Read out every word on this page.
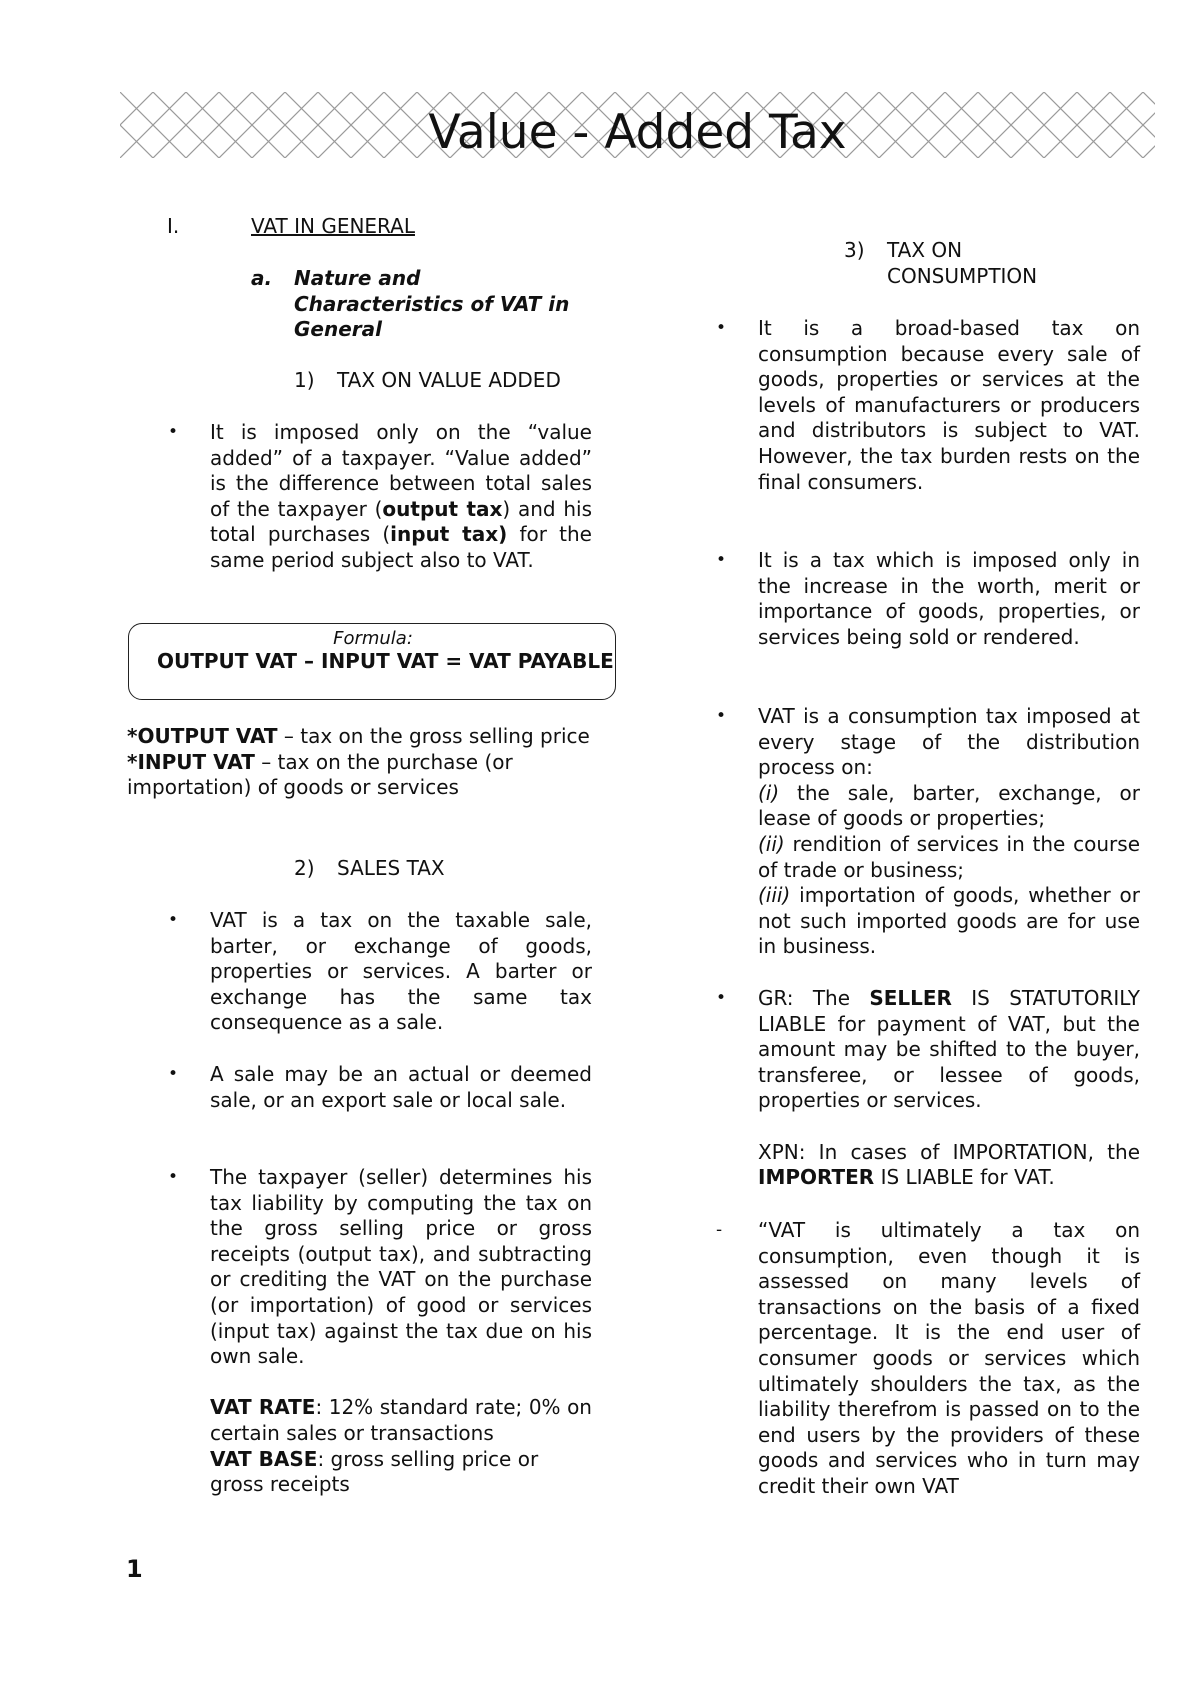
Value - Added Tax
I.	VAT IN GENERAL
a. Nature and Characteristics of VAT in General
1) TAX ON VALUE ADDED
• It is imposed only on the “value added” of a taxpayer. “Value added” is the difference between total sales of the taxpayer (output tax) and his total purchases (input tax) for the same period subject also to VAT.
Formula:
OUTPUT VAT – INPUT VAT = VAT PAYABLE
*OUTPUT VAT – tax on the gross selling price
*INPUT VAT – tax on the purchase (or importation) of goods or services
2) SALES TAX
• VAT is a tax on the taxable sale, barter, or exchange of goods, properties or services. A barter or exchange has the same tax consequence as a sale.
• A sale may be an actual or deemed sale, or an export sale or local sale.
• The taxpayer (seller) determines his tax liability by computing the tax on the gross selling price or gross receipts (output tax), and subtracting or crediting the VAT on the purchase (or importation) of good or services (input tax) against the tax due on his own sale.
VAT RATE: 12% standard rate; 0% on certain sales or transactions
VAT BASE: gross selling price or gross receipts
3) TAX ON CONSUMPTION
• It is a broad-based tax on consumption because every sale of goods, properties or services at the levels of manufacturers or producers and distributors is subject to VAT. However, the tax burden rests on the final consumers.
• It is a tax which is imposed only in the increase in the worth, merit or importance of goods, properties, or services being sold or rendered.
• VAT is a consumption tax imposed at every stage of the distribution process on:
(i) the sale, barter, exchange, or lease of goods or properties;
(ii) rendition of services in the course of trade or business;
(iii) importation of goods, whether or not such imported goods are for use in business.
• GR: The SELLER IS STATUTORILY LIABLE for payment of VAT, but the amount may be shifted to the buyer, transferee, or lessee of goods, properties or services.
XPN: In cases of IMPORTATION, the IMPORTER IS LIABLE for VAT.
- “VAT is ultimately a tax on consumption, even though it is assessed on many levels of transactions on the basis of a fixed percentage. It is the end user of consumer goods or services which ultimately shoulders the tax, as the liability therefrom is passed on to the end users by the providers of these goods and services who in turn may credit their own VAT
1
